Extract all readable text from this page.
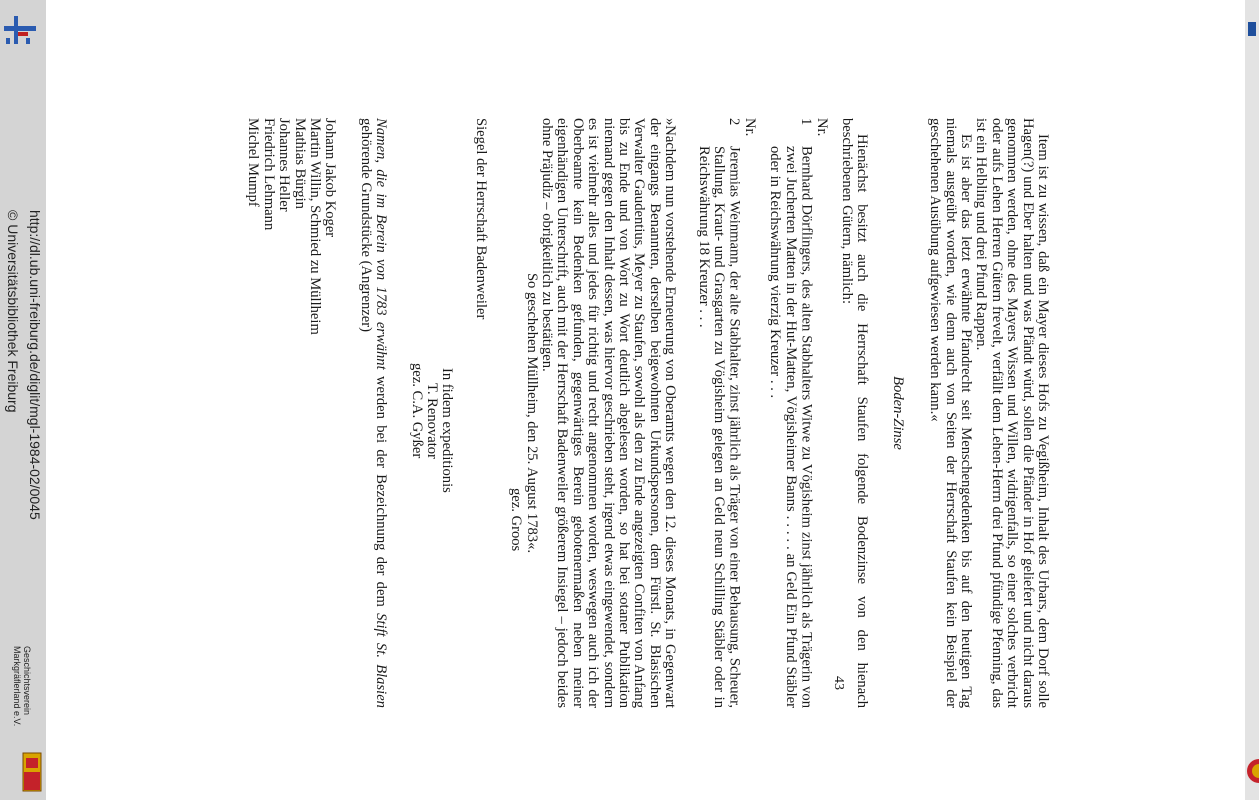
http://dl.ub.uni-freiburg.de/diglit/mgl-1984-02/0045
© Universitätsbibliothek Freiburg
Geschichtsverein
Markgräflerland e.V.	Item ist zu wissen, daß ein Mayer dieses Hofs zu Vegißheim, Inhalt des Urbars, dem Dorf solle Hagen(?) und Eber halten und was Pfändt würd, sollen die Pfänder in Hof geliefert und nicht daraus genommen werden, ohne des Mayers Wissen und Willen, widrigenfalls, so einer solches verbricht oder aufs Lehen Herren Gütern frevelt, verfällt dem Lehen-Herrn drei Pfund pfündige Pfenning, das ist ein Helbling und drei Pfund Rappen.

Es ist aber das letzt erwähnte Pfandrecht seit Menschengedenken bis auf den heutigen Tag niemals ausgeübt worden, wie denn auch von Seiten der Herrschaft Staufen kein Beispiel der geschehenen Ausübung aufgewiesen werden kann.«

Boden-Zinse

Hienächst besitzt auch die Herrschaft Staufen folgende Bodenzinse von den hienach beschriebenen Gütern, nämlich:

Nr. 1Bernhard Dörflingers, des alten Stabhalters Witwe zu Vögisheim zinst jährlich als Trägerin von zwei Jucherten Matten in der Hut-Matten, Vögisheimer Banns . . . . . an Geld Ein Pfund Stäbler oder in Reichswährung vierzig Kreuzer . . .

Nr. 2Jeremias Weinmann, der alte Stabhalter, zinst jährlich als Träger von einer Behausung, Scheuer, Stallung, Kraut- und Grasgarten zu Vögisheim gelegen an Geld neun Schilling Stäbler oder in Reichswährung 18 Kreuzer . . .

»Nachdem nun vorstehende Erneuerung von Oberamts wegen den 12. dieses Monats, in Gegenwart der eingangs Benannten, derselben beigewohnten Urkundspersonen, dem Fürstl. St. Blasischen Verwalter Gaudentius, Meyer zu Staufen, sowohl als den zu Ende angezeigten Confiten von Anfang bis zu Ende und von Wort zu Wort deutlich abgelesen worden, so hat bei sotaner Publikation niemand gegen den Inhalt dessen, was hiervor geschrieben steht, irgend etwas eingewendet, sondern es ist vielmehr alles und jedes für richtig und recht angenommen worden, weswegen auch ich der Oberbeamte kein Bedenken gefunden, gegenwärtiges Berein gebotenermaßen neben meiner eigenhändigen Unterschrift, auch mit der Herrschaft Badenweiler größerem Insiegel – jedoch beides ohne Präjudiz – obrigkeitlich zu bestätigen.

So geschehen Müllheim, den 25. August 1783«.

gez. Groos

Siegel der Herrschaft Badenweiler

In fidem expeditionis

T. Renovator

gez. C.A. Gyßer

Namen, die im Berein von 1783 erwähnt werden bei der Bezeichnung der dem Stift St. Blasien gehörende Grundstücke (Angrenzer)

Johann Jakob Koger

Martin Willin, Schmied zu Müllheim

Mathias Bürgin

Johannes Heller

Friedrich Lehmann

Michel Mumpf

43
